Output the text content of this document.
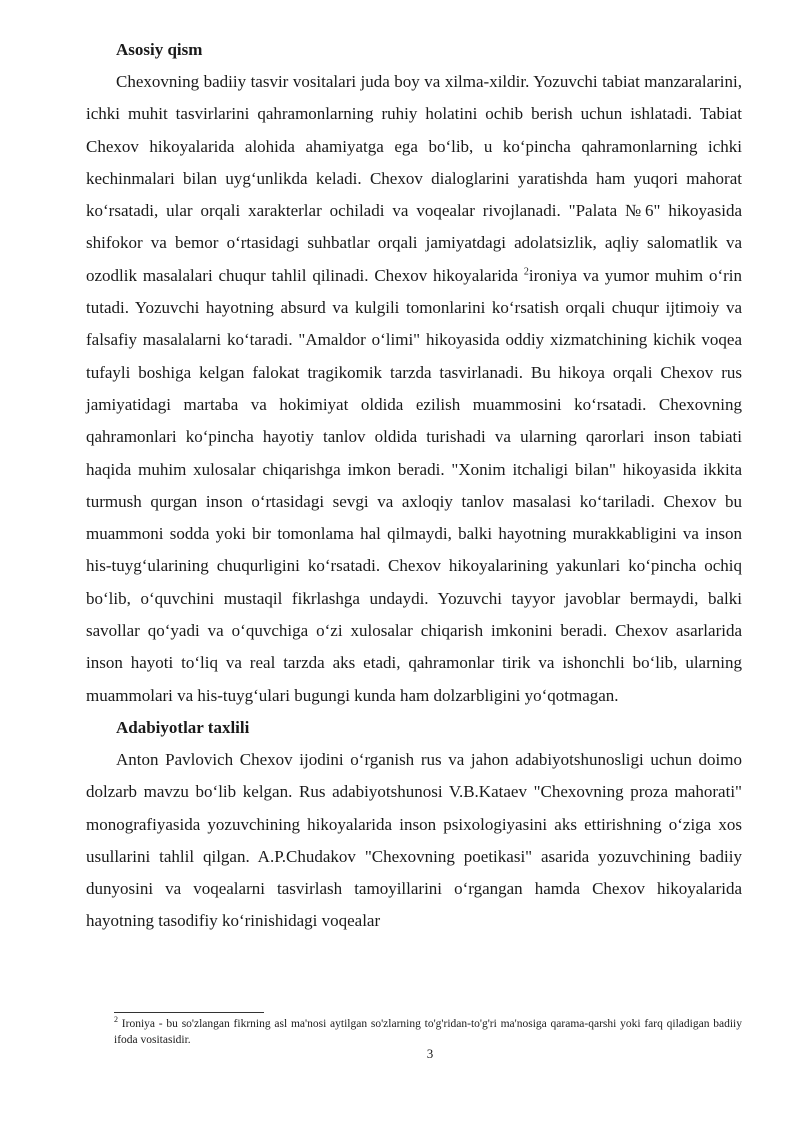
Asosiy qism

Chexovning badiiy tasvir vositalari juda boy va xilma-xildir. Yozuvchi tabiat manzaralarini, ichki muhit tasvirlarini qahramonlarning ruhiy holatini ochib berish uchun ishlatadi. Tabiat Chexov hikoyalarida alohida ahamiyatga ega bo‘lib, u ko‘pincha qahramonlarning ichki kechinmalari bilan uyg‘unlikda keladi. Chexov dialoglarini yaratishda ham yuqori mahorat ko‘rsatadi, ular orqali xarakterlar ochiladi va voqealar rivojlanadi. "Palata №6" hikoyasida shifokor va bemor o‘rtasidagi suhbatlar orqali jamiyatdagi adolatsizlik, aqliy salomatlik va ozodlik masalalari chuqur tahlil qilinadi. Chexov hikoyalarida $^2$ironiya va yumor muhim o‘rin tutadi. Yozuvchi hayotning absurd va kulgili tomonlarini ko‘rsatish orqali chuqur ijtimoiy va falsafiy masalalarni ko‘taradi. "Amaldor o‘limi" hikoyasida oddiy xizmatchining kichik voqea tufayli boshiga kelgan falokat tragikomik tarzda tasvirlanadi. Bu hikoya orqali Chexov rus jamiyatidagi martaba va hokimiyat oldida ezilish muammosini ko‘rsatadi. Chexovning qahramonlari ko‘pincha hayotiy tanlov oldida turishadi va ularning qarorlari inson tabiati haqida muhim xulosalar chiqarishga imkon beradi. "Xonim itchaligi bilan" hikoyasida ikkita turmush qurgan inson o‘rtasidagi sevgi va axloqiy tanlov masalasi ko‘tariladi. Chexov bu muammoni sodda yoki bir tomonlama hal qilmaydi, balki hayotning murakkabligini va inson his-tuyg‘ularining chuqurligini ko‘rsatadi. Chexov hikoyalarining yakunlari ko‘pincha ochiq bo‘lib, o‘quvchini mustaqil fikrlashga undaydi. Yozuvchi tayyor javoblar bermaydi, balki savollar qo‘yadi va o‘quvchiga o‘zi xulosalar chiqarish imkonini beradi. Chexov asarlarida inson hayoti to‘liq va real tarzda aks etadi, qahramonlar tirik va ishonchli bo‘lib, ularning muammolari va his-tuyg‘ulari bugungi kunda ham dolzarbligini yo‘qotmagan.

Adabiyotlar taxlili

Anton Pavlovich Chexov ijodini o‘rganish rus va jahon adabiyotshunosligi uchun doimo dolzarb mavzu bo‘lib kelgan. Rus adabiyotshunosi V.B.Kataev "Chexovning proza mahorati" monografiyasida yozuvchining hikoyalarida inson psixologiyasini aks ettirishning o‘ziga xos usullarini tahlil qilgan. A.P.Chudakov "Chexovning poetikasi" asarida yozuvchining badiiy dunyosini va voqealarni tasvirlash tamoyillarini o‘rgangan hamda Chexov hikoyalarida hayotning tasodifiy ko‘rinishidagi voqealar

$^2$ Ironiya - bu so'zlangan fikrning asl ma'nosi aytilgan so'zlarning to'g'ridan-to'g'ri ma'nosiga qarama-qarshi yoki farq qiladigan badiiy ifoda vositasidir.
3
